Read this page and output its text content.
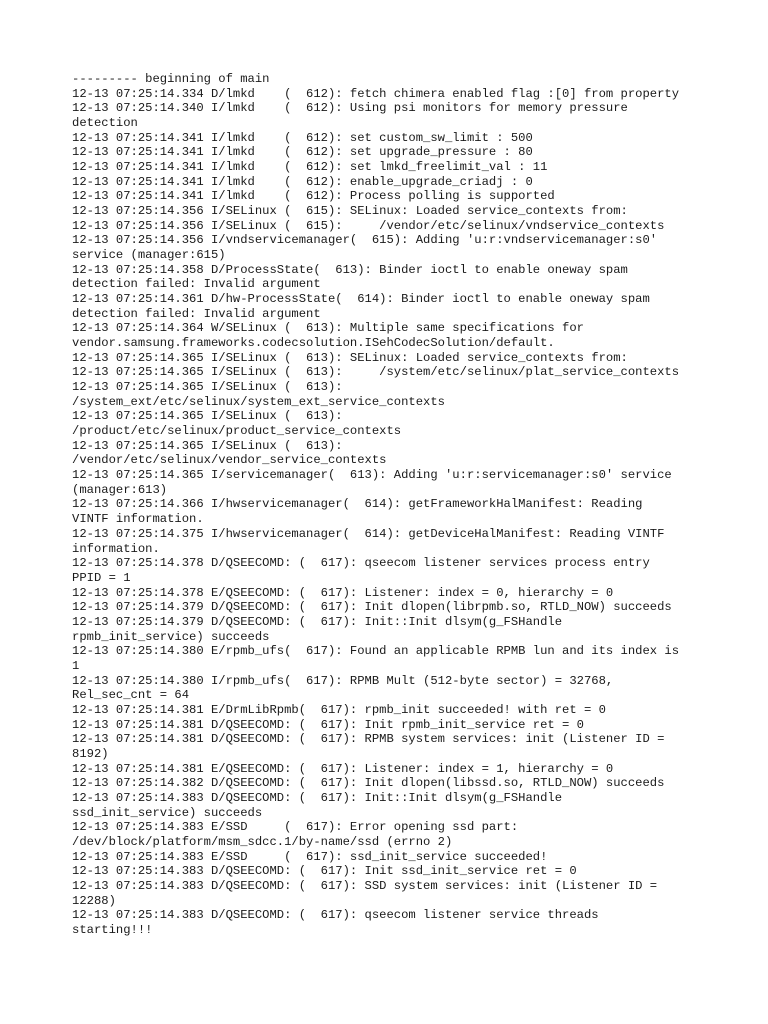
--------- beginning of main
12-13 07:25:14.334 D/lmkd    (  612): fetch chimera enabled flag :[0] from property
12-13 07:25:14.340 I/lmkd    (  612): Using psi monitors for memory pressure
detection
12-13 07:25:14.341 I/lmkd    (  612): set custom_sw_limit : 500
12-13 07:25:14.341 I/lmkd    (  612): set upgrade_pressure : 80
12-13 07:25:14.341 I/lmkd    (  612): set lmkd_freelimit_val : 11
12-13 07:25:14.341 I/lmkd    (  612): enable_upgrade_criadj : 0
12-13 07:25:14.341 I/lmkd    (  612): Process polling is supported
12-13 07:25:14.356 I/SELinux (  615): SELinux: Loaded service_contexts from:
12-13 07:25:14.356 I/SELinux (  615):     /vendor/etc/selinux/vndservice_contexts
12-13 07:25:14.356 I/vndservicemanager(  615): Adding 'u:r:vndservicemanager:s0'
service (manager:615)
12-13 07:25:14.358 D/ProcessState(  613): Binder ioctl to enable oneway spam
detection failed: Invalid argument
12-13 07:25:14.361 D/hw-ProcessState(  614): Binder ioctl to enable oneway spam
detection failed: Invalid argument
12-13 07:25:14.364 W/SELinux (  613): Multiple same specifications for
vendor.samsung.frameworks.codecsolution.ISehCodecSolution/default.
12-13 07:25:14.365 I/SELinux (  613): SELinux: Loaded service_contexts from:
12-13 07:25:14.365 I/SELinux (  613):     /system/etc/selinux/plat_service_contexts
12-13 07:25:14.365 I/SELinux (  613):
/system_ext/etc/selinux/system_ext_service_contexts
12-13 07:25:14.365 I/SELinux (  613):
/product/etc/selinux/product_service_contexts
12-13 07:25:14.365 I/SELinux (  613):
/vendor/etc/selinux/vendor_service_contexts
12-13 07:25:14.365 I/servicemanager(  613): Adding 'u:r:servicemanager:s0' service
(manager:613)
12-13 07:25:14.366 I/hwservicemanager(  614): getFrameworkHalManifest: Reading
VINTF information.
12-13 07:25:14.375 I/hwservicemanager(  614): getDeviceHalManifest: Reading VINTF
information.
12-13 07:25:14.378 D/QSEECOMD: (  617): qseecom listener services process entry
PPID = 1
12-13 07:25:14.378 E/QSEECOMD: (  617): Listener: index = 0, hierarchy = 0
12-13 07:25:14.379 D/QSEECOMD: (  617): Init dlopen(librpmb.so, RTLD_NOW) succeeds
12-13 07:25:14.379 D/QSEECOMD: (  617): Init::Init dlsym(g_FSHandle
rpmb_init_service) succeeds
12-13 07:25:14.380 E/rpmb_ufs(  617): Found an applicable RPMB lun and its index is
1
12-13 07:25:14.380 I/rpmb_ufs(  617): RPMB Mult (512-byte sector) = 32768,
Rel_sec_cnt = 64
12-13 07:25:14.381 E/DrmLibRpmb(  617): rpmb_init succeeded! with ret = 0
12-13 07:25:14.381 D/QSEECOMD: (  617): Init rpmb_init_service ret = 0
12-13 07:25:14.381 D/QSEECOMD: (  617): RPMB system services: init (Listener ID =
8192)
12-13 07:25:14.381 E/QSEECOMD: (  617): Listener: index = 1, hierarchy = 0
12-13 07:25:14.382 D/QSEECOMD: (  617): Init dlopen(libssd.so, RTLD_NOW) succeeds
12-13 07:25:14.383 D/QSEECOMD: (  617): Init::Init dlsym(g_FSHandle
ssd_init_service) succeeds
12-13 07:25:14.383 E/SSD     (  617): Error opening ssd part:
/dev/block/platform/msm_sdcc.1/by-name/ssd (errno 2)
12-13 07:25:14.383 E/SSD     (  617): ssd_init_service succeeded!
12-13 07:25:14.383 D/QSEECOMD: (  617): Init ssd_init_service ret = 0
12-13 07:25:14.383 D/QSEECOMD: (  617): SSD system services: init (Listener ID =
12288)
12-13 07:25:14.383 D/QSEECOMD: (  617): qseecom listener service threads
starting!!!
